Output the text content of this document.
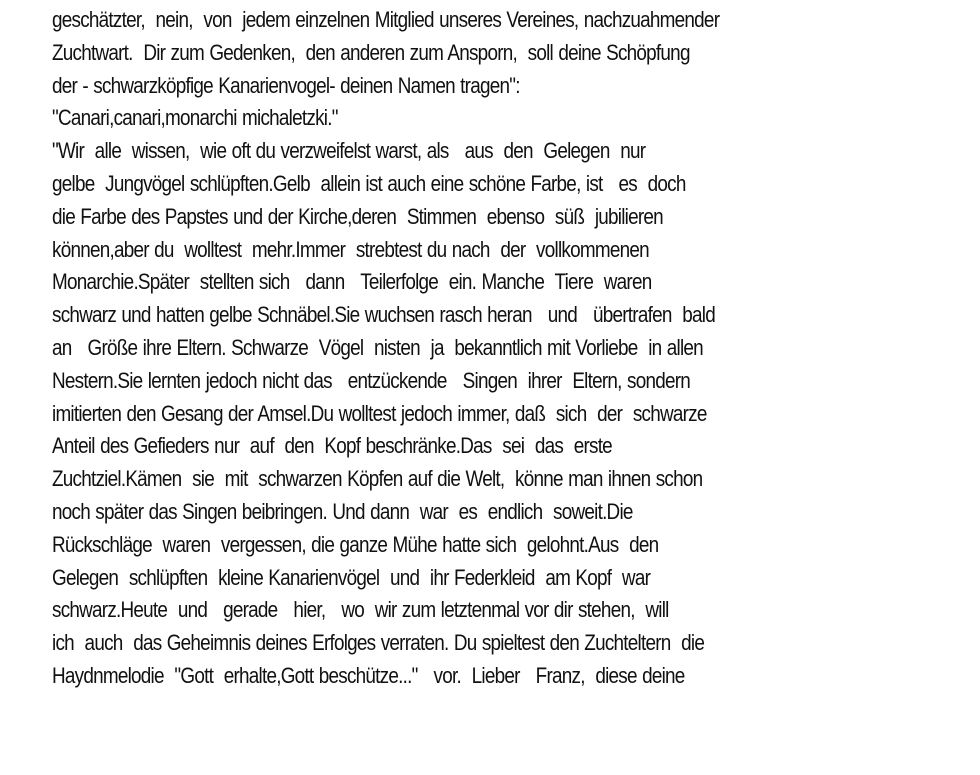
geschätzter,  nein,  von  jedem einzelnen Mitglied unseres Vereines, nachzuahmender
Zuchtwart.  Dir zum Gedenken,  den anderen zum Ansporn,  soll deine Schöpfung
der - schwarzköpfige Kanarienvogel- deinen Namen tragen":
"Canari,canari,monarchi michaletzki."
"Wir  alle  wissen,  wie oft du verzweifelst warst, als   aus  den  Gelegen  nur
gelbe  Jungvögel schlüpften.Gelb  allein ist auch eine schöne Farbe, ist   es  doch
die Farbe des Papstes und der Kirche,deren  Stimmen  ebenso  süß  jubilieren
können,aber du  wolltest  mehr.Immer  strebtest du nach  der  vollkommenen
Monarchie.Später  stellten sich   dann   Teilerfolge  ein. Manche  Tiere  waren
schwarz und hatten gelbe Schnäbel.Sie wuchsen rasch heran   und   übertrafen  bald
an   Größe ihre Eltern. Schwarze  Vögel  nisten  ja  bekanntlich mit Vorliebe  in allen
Nestern.Sie lernten jedoch nicht das   entzückende   Singen  ihrer  Eltern, sondern
imitierten den Gesang der Amsel.Du wolltest jedoch immer, daß  sich  der  schwarze
Anteil des Gefieders nur  auf  den  Kopf beschränke.Das  sei  das  erste
Zuchtziel.Kämen  sie  mit  schwarzen Köpfen auf die Welt,  könne man ihnen schon
noch später das Singen beibringen. Und dann  war  es  endlich  soweit.Die
Rückschläge  waren  vergessen, die ganze Mühe hatte sich  gelohnt.Aus  den
Gelegen  schlüpften  kleine Kanarienvögel  und  ihr Federkleid  am Kopf  war
schwarz.Heute  und   gerade   hier,   wo  wir zum letztenmal vor dir stehen,  will
ich  auch  das Geheimnis deines Erfolges verraten. Du spieltest den Zuchteltern  die
Haydnmelodie  "Gott  erhalte,Gott beschütze..."   vor.  Lieber   Franz,  diese deine
